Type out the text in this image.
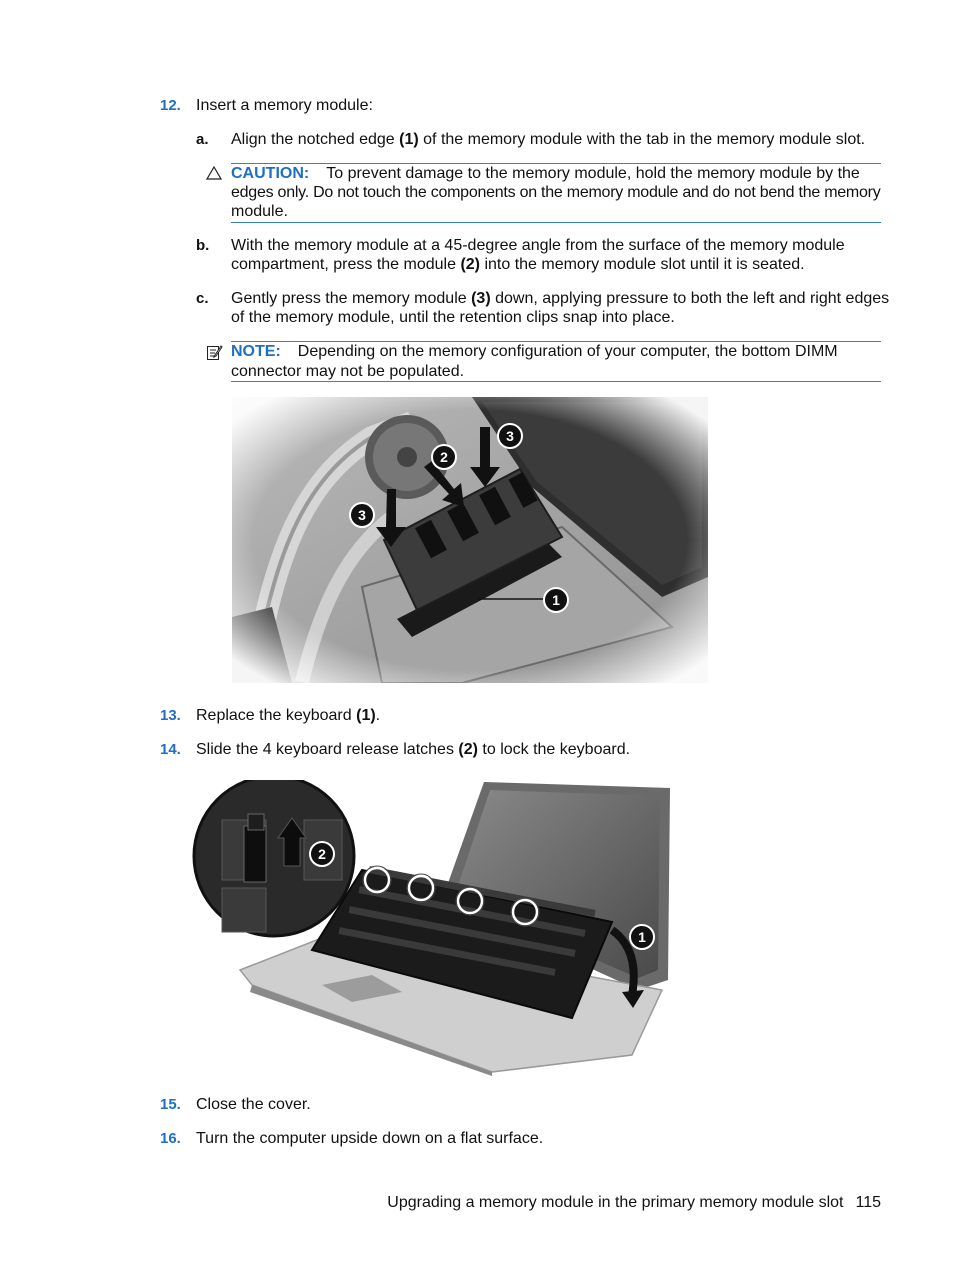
12. Insert a memory module:
a. Align the notched edge (1) of the memory module with the tab in the memory module slot.
CAUTION: To prevent damage to the memory module, hold the memory module by the
edges only. Do not touch the components on the memory module and do not bend the memory
module.
b. With the memory module at a 45-degree angle from the surface of the memory module
compartment, press the module (2) into the memory module slot until it is seated.
c. Gently press the memory module (3) down, applying pressure to both the left and right edges
of the memory module, until the retention clips snap into place.
NOTE: Depending on the memory configuration of your computer, the bottom DIMM
connector may not be populated.
13. Replace the keyboard (1).
14. Slide the 4 keyboard release latches (2) to lock the keyboard.
2
1
15. Close the cover.
16. Turn the computer upside down on a flat surface.
Upgrading a memory module in the primary memory module slot 115
